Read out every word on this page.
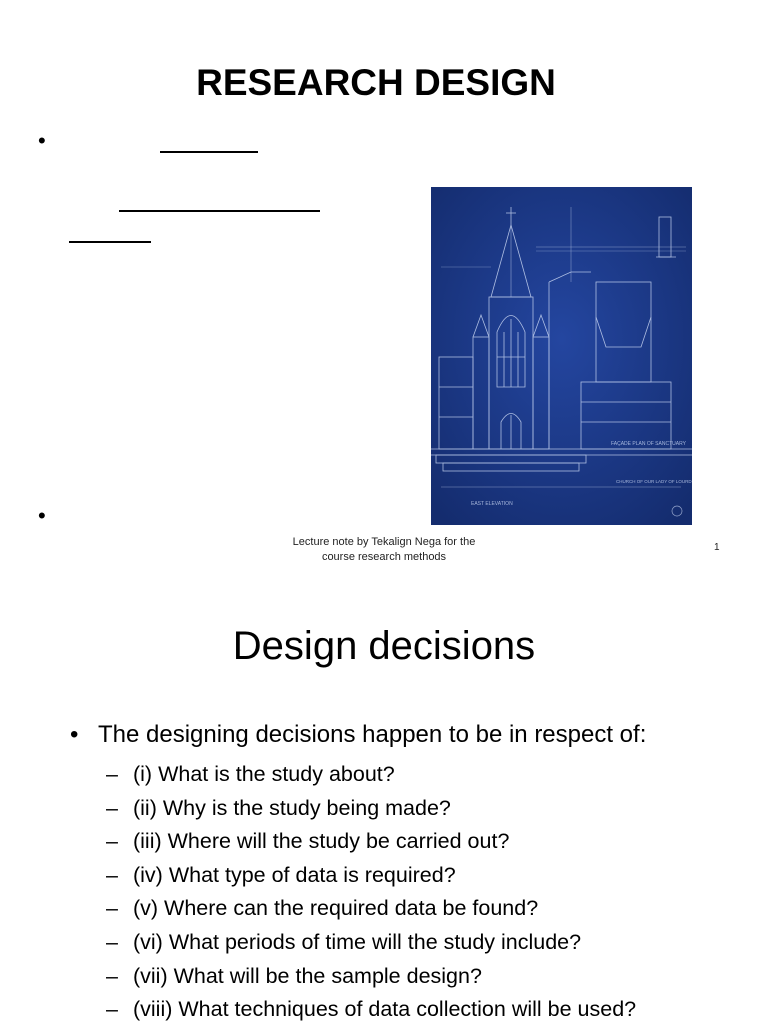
RESEARCH DESIGN
•
•
FAÇADE PLAN OF SANCTUARY
EAST ELEVATION
CHURCH OF OUR LADY OF LOURDES
Lecture note by Tekalign Nega for the
course research methods
1
Design decisions
• The designing decisions happen to be in respect of:
– (i) What is the study about?
– (ii) Why is the study being made?
– (iii) Where will the study be carried out?
– (iv) What type of data is required?
– (v) Where can the required data be found?
– (vi) What periods of time will the study include?
– (vii) What will be the sample design?
– (viii) What techniques of data collection will be used?
